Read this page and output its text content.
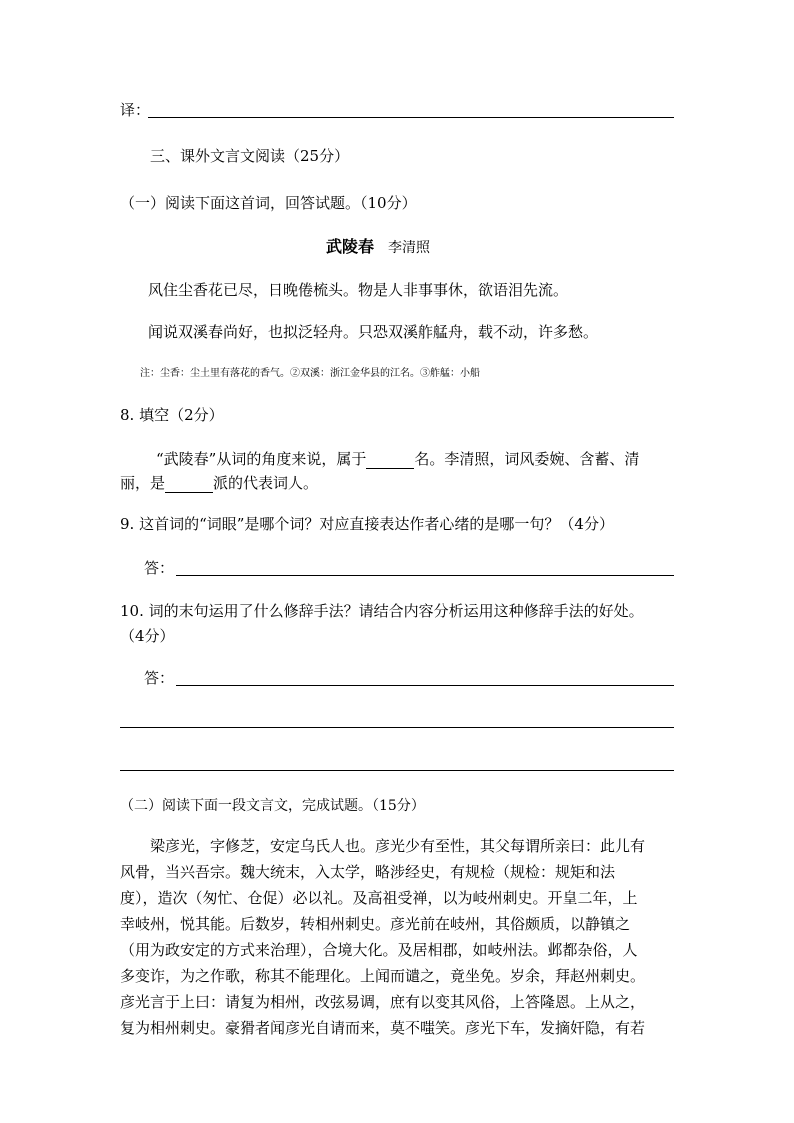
译：
三、课外文言文阅读（25分）
（一）阅读下面这首词，回答试题。（10分）
武陵春 李清照
风住尘香花已尽，日晚倦梳头。物是人非事事休，欲语泪先流。
闻说双溪春尚好，也拟泛轻舟。只恐双溪舴艋舟，载不动，许多愁。
注：尘香：尘土里有落花的香气。②双溪：浙江金华县的江名。③舴艋：小船
8. 填空（2分）
“武陵春”从词的角度来说，属于	名。李清照，词风委婉、含蓄、清
丽，是	派的代表词人。
9. 这首词的“词眼”是哪个词？对应直接表达作者心绪的是哪一句？（4分）
答：
10. 词的末句运用了什么修辞手法？请结合内容分析运用这种修辞手法的好处。
（4分）
答：
（二）阅读下面一段文言文，完成试题。（15分）
梁彦光，字修芝，安定乌氏人也。彦光少有至性，其父每谓所亲曰：此儿有
风骨，当兴吾宗。魏大统末，入太学，略涉经史，有规检（规检：规矩和法
度），造次（匆忙、仓促）必以礼。及高祖受禅，以为岐州刺史。开皇二年，上
幸岐州，悦其能。后数岁，转相州刺史。彦光前在岐州，其俗颇质，以静镇之
（用为政安定的方式来治理），合境大化。及居相郡，如岐州法。邺都杂俗，人
多变诈，为之作歌，称其不能理化。上闻而谴之，竟坐免。岁余，拜赵州刺史。
彦光言于上曰：请复为相州，改弦易调，庶有以变其风俗，上答隆恩。上从之，
复为相州刺史。豪猾者闻彦光自请而来，莫不嗤笑。彦光下车，发摘奸隐，有若
